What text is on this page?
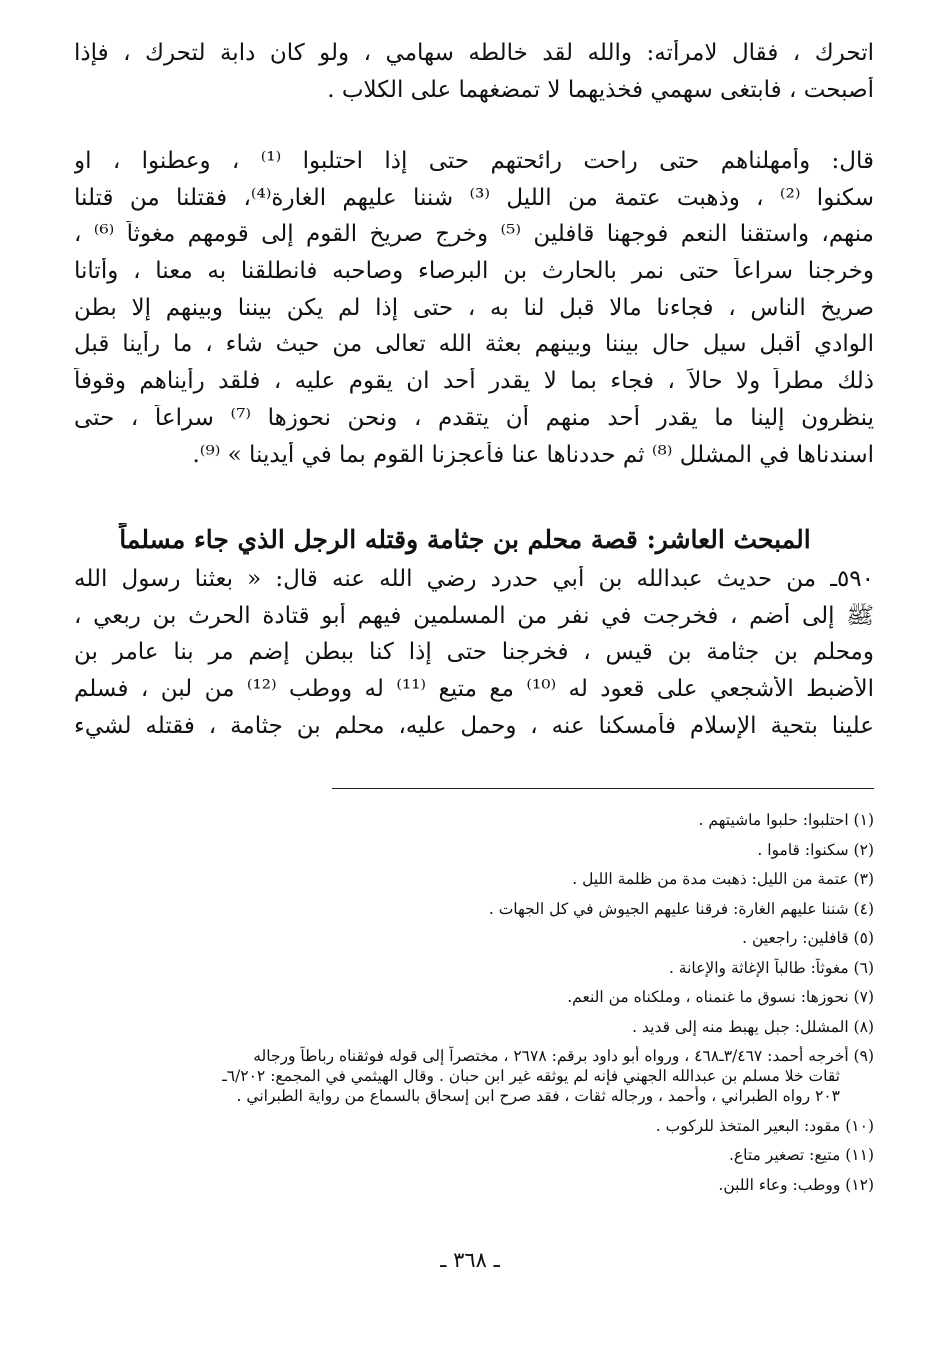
اتحرك ، فقال لامرأته: والله لقد خالطه سهامي ، ولو كان دابة لتحرك ، فإذا
أصبحت ، فابتغى سهمي فخذيهما لا تمضغهما على الكلاب .
قال: وأمهلناهم حتى راحت رائحتهم حتى إذا احتلبوا ⁽¹⁾ ، وعطنوا ، او
سكنوا ⁽²⁾ ، وذهبت عتمة من الليل ⁽³⁾ شننا عليهم الغارة⁽⁴⁾، فقتلنا من قتلنا
منهم، واستقنا النعم فوجهنا قافلين ⁽⁵⁾ وخرج صريخ القوم إلى قومهم مغوثاً ⁽⁶⁾ ،
وخرجنا سراعاً حتى نمر بالحارث بن البرصاء وصاحبه فانطلقنا به معنا ، وأتانا
صريخ الناس ، فجاءنا مالا قبل لنا به ، حتى إذا لم يكن بيننا وبينهم إلا بطن
الوادي أقبل سيل حال بيننا وبينهم بعثة الله تعالى من حيث شاء ، ما رأينا قبل
ذلك مطراً ولا حالاً ، فجاء بما لا يقدر أحد ان يقوم عليه ، فلقد رأيناهم وقوفاً
ينظرون إلينا ما يقدر أحد منهم أن يتقدم ، ونحن نحوزها ⁽⁷⁾ سراعاً ، حتى
اسندناها في المشلل ⁽⁸⁾ ثم حددناها عنا فأعجزنا القوم بما في أيدينا » ⁽⁹⁾.
المبحث العاشر: قصة محلم بن جثامة وقتله الرجل الذي جاء مسلماً
٥٩٠ـ من حديث عبدالله بن أبي حدرد رضي الله عنه قال: « بعثنا رسول الله
ﷺ إلى أضم ، فخرجت في نفر من المسلمين فيهم أبو قتادة الحرث بن ربعي ،
ومحلم بن جثامة بن قيس ، فخرجنا حتى إذا كنا ببطن إضم مر بنا عامر بن
الأضبط الأشجعي على قعود له ⁽¹⁰⁾ مع متيع ⁽¹¹⁾ له ووطب ⁽¹²⁾ من لبن ، فسلم
علينا بتحية الإسلام فأمسكنا عنه ، وحمل عليه، محلم بن جثامة ، فقتله لشيء
(١) احتلبوا: حلبوا ماشيتهم .
(٢) سكنوا: قاموا .
(٣) عتمة من الليل: ذهبت مدة من ظلمة الليل .
(٤) شننا عليهم الغارة: فرقنا عليهم الجيوش في كل الجهات .
(٥) قافلين: راجعين .
(٦) مغوثاً: طالباً الإغاثة والإعانة .
(٧) نحوزها: نسوق ما غنمناه ، وملكناه من النعم.
(٨) المشلل: جبل يهبط منه إلى قديد .
(٩) أخرجه أحمد: ٣/٤٦٧ـ٤٦٨ ، ورواه أبو داود برقم: ٢٦٧٨ ، مختصراً إلى قوله فوثقناه رباطاً ورجاله
ثقات خلا مسلم بن عبدالله الجهني فإنه لم يوثقه غير ابن حبان . وقال الهيثمي في المجمع: ٦/٢٠٢ـ
٢٠٣ رواه الطبراني ، وأحمد ، ورجاله ثقات ، فقد صرح ابن إسحاق بالسماع من رواية الطبراني .
(١٠) مقود: البعير المتخذ للركوب .
(١١) متيع: تصغير متاع.
(١٢) ووطب: وعاء اللبن.
ـ ٣٦٨ ـ
